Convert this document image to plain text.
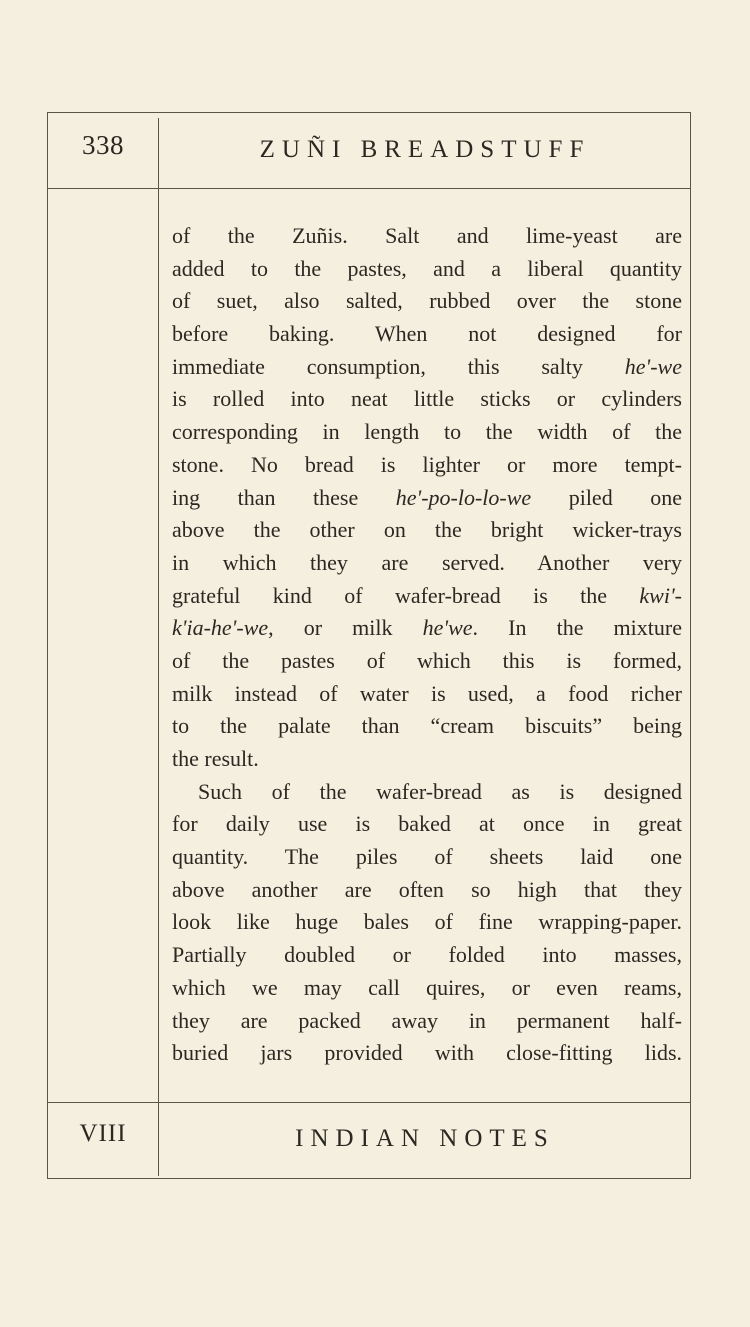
338	ZUÑI BREADSTUFF
of the Zuñis. Salt and lime-yeast are
added to the pastes, and a liberal quantity
of suet, also salted, rubbed over the stone
before baking. When not designed for
immediate consumption, this salty he'-we
is rolled into neat little sticks or cylinders
corresponding in length to the width of the
stone. No bread is lighter or more tempt-
ing than these he'-po-lo-lo-we piled one
above the other on the bright wicker-trays
in which they are served. Another very
grateful kind of wafer-bread is the kwi'-
k'ia-he'-we, or milk he'we. In the mixture
of the pastes of which this is formed,
milk instead of water is used, a food richer
to the palate than “cream biscuits” being
the result.
Such of the wafer-bread as is designed
for daily use is baked at once in great
quantity. The piles of sheets laid one
above another are often so high that they
look like huge bales of fine wrapping-paper.
Partially doubled or folded into masses,
which we may call quires, or even reams,
they are packed away in permanent half-
buried jars provided with close-fitting lids.
VIII	INDIAN NOTES
